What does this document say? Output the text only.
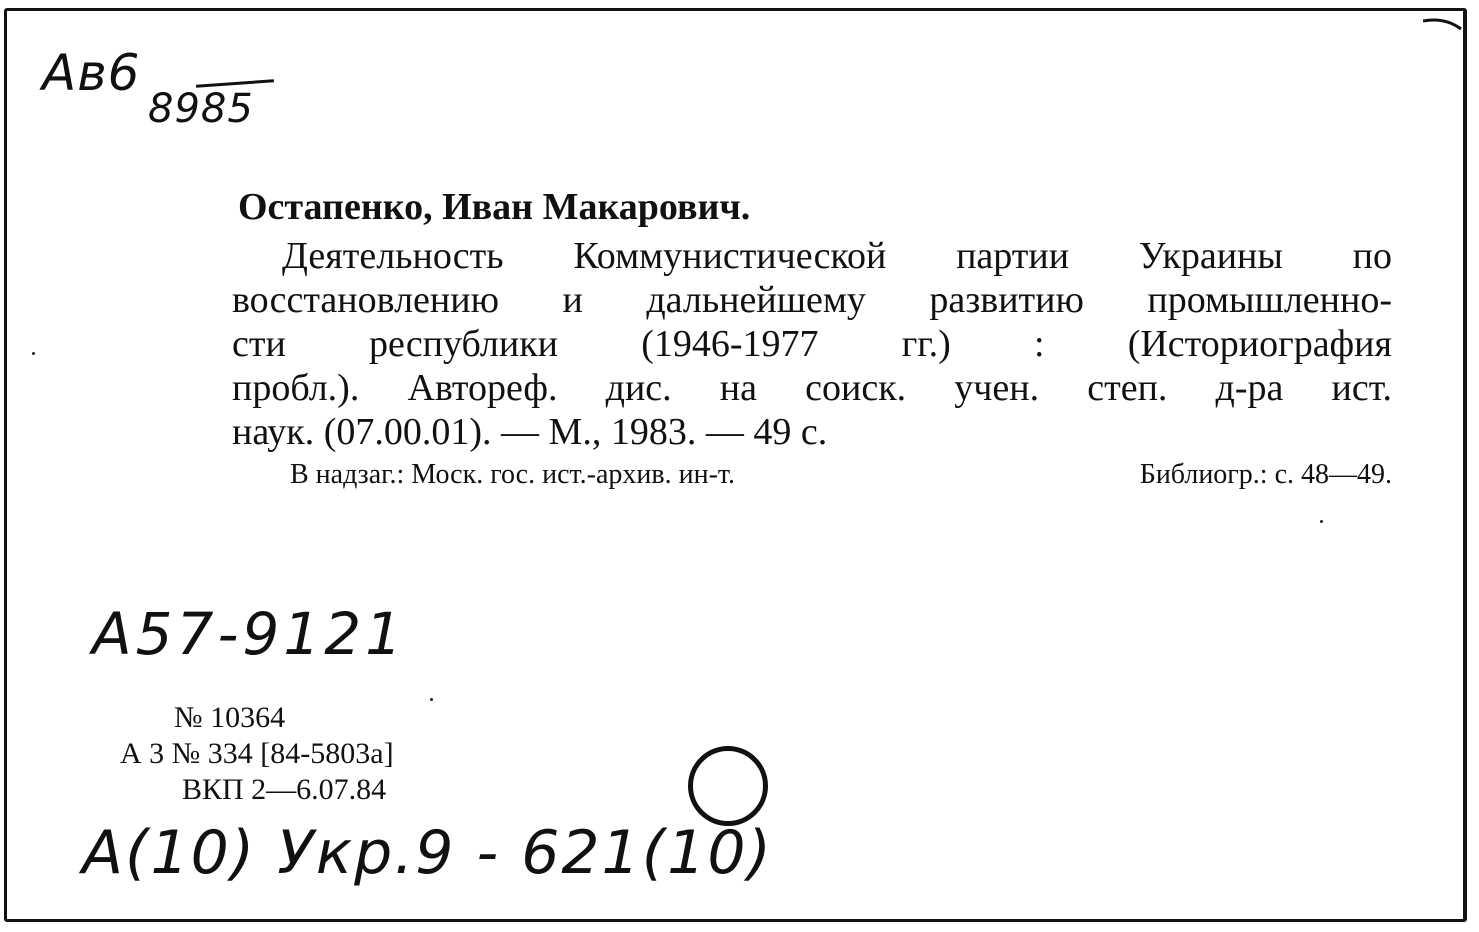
Aв6
8985
Остапенко, Иван Макарович.
Деятельность Коммунистической партии Украины по
восстановлению и дальнейшему развитию промышленно-
сти республики (1946-1977 гг.) : (Историография
пробл.). Автореф. дис. на соиск. учен. степ. д-ра ист.
наук. (07.00.01). — М., 1983. — 49 с.
В надзаг.: Моск. гос. ист.-архив. ин-т.	Библиогр.: с. 48—49.
A57-9121
№ 10364
А 3 № 334 [84-5803а]
ВКП 2—6.07.84
A(10) Укр.9 - 621(10)
